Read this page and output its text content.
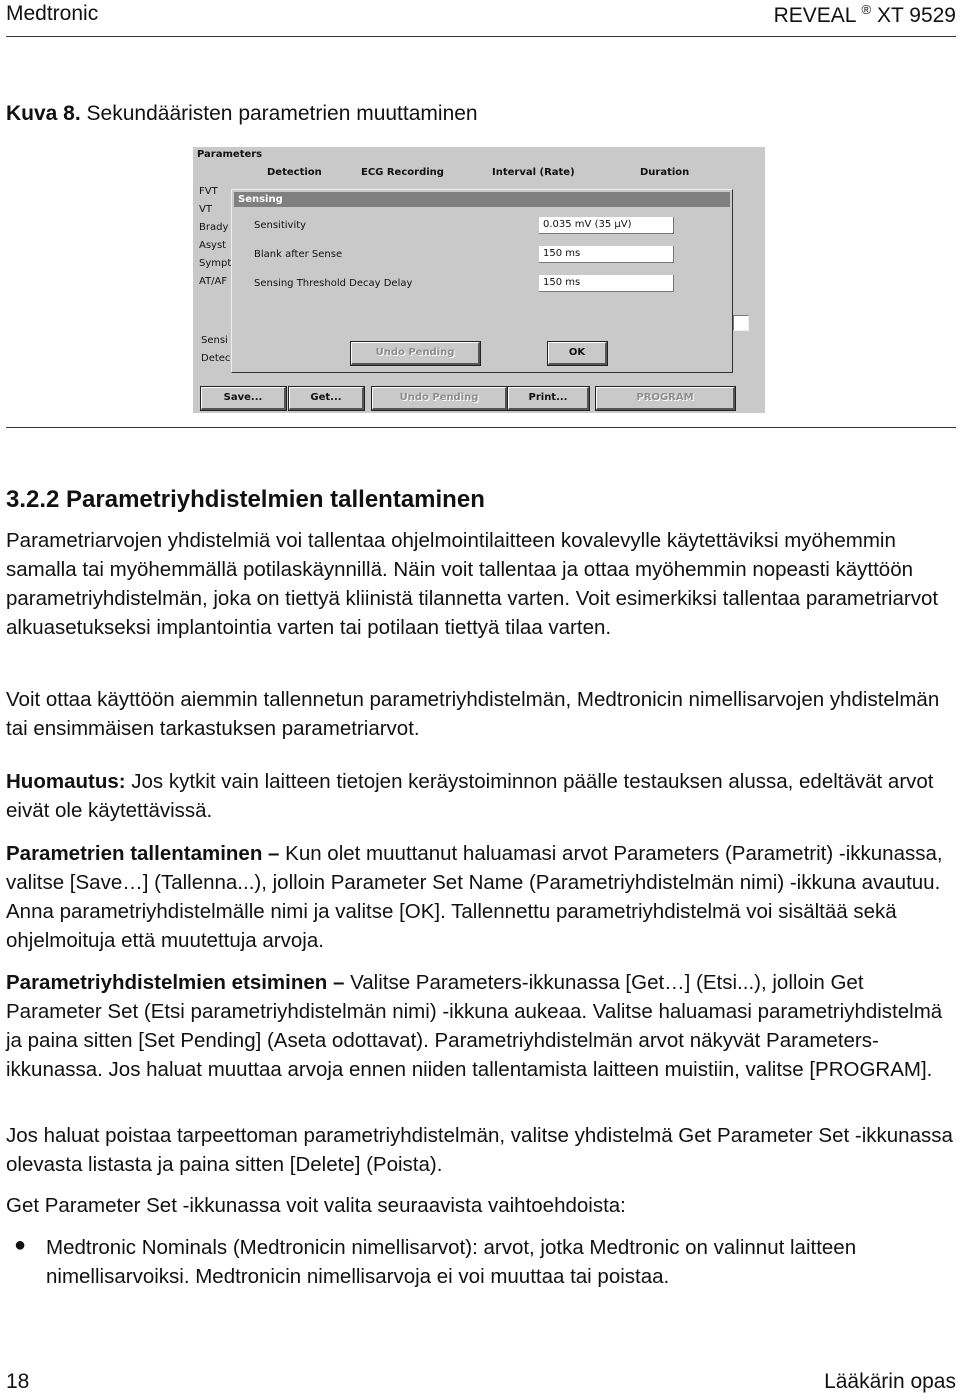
Medtronic	REVEAL ® XT 9529
Kuva 8. Sekundääristen parametrien muuttaminen
Parameters
Detection	ECG Recording	Interval (Rate)	Duration
FVT
VT
Brady
Asyst
Sympt
AT/AF
Sensi
Detec
Sensing
Sensitivity	0.035 mV (35 µV)
Blank after Sense	150 ms
Sensing Threshold Decay Delay	150 ms
Undo Pending	OK
Save...	Get...	Undo Pending	Print...	PROGRAM
3.2.2 Parametriyhdistelmien tallentaminen

Parametriarvojen yhdistelmiä voi tallentaa ohjelmointilaitteen kovalevylle käytettäviksi myöhemmin samalla tai myöhemmällä potilaskäynnillä. Näin voit tallentaa ja ottaa myöhemmin nopeasti käyttöön parametriyhdistelmän, joka on tiettyä kliinistä tilannetta varten. Voit esimerkiksi tallentaa parametriarvot alkuasetukseksi implantointia varten tai potilaan tiettyä tilaa varten.

Voit ottaa käyttöön aiemmin tallennetun parametriyhdistelmän, Medtronicin nimellisarvojen yhdistelmän tai ensimmäisen tarkastuksen parametriarvot.

Huomautus: Jos kytkit vain laitteen tietojen keräystoiminnon päälle testauksen alussa, edeltävät arvot eivät ole käytettävissä.

Parametrien tallentaminen – Kun olet muuttanut haluamasi arvot Parameters (Parametrit) -ikkunassa, valitse [Save…] (Tallenna...), jolloin Parameter Set Name (Parametriyhdistelmän nimi) -ikkuna avautuu. Anna parametriyhdistelmälle nimi ja valitse [OK]. Tallennettu parametriyhdistelmä voi sisältää sekä ohjelmoituja että muutettuja arvoja.

Parametriyhdistelmien etsiminen – Valitse Parameters-ikkunassa [Get…] (Etsi...), jolloin Get Parameter Set (Etsi parametriyhdistelmän nimi) -ikkuna aukeaa. Valitse haluamasi parametriyhdistelmä ja paina sitten [Set Pending] (Aseta odottavat). Parametriyhdistelmän arvot näkyvät Parameters-ikkunassa. Jos haluat muuttaa arvoja ennen niiden tallentamista laitteen muistiin, valitse [PROGRAM].

Jos haluat poistaa tarpeettoman parametriyhdistelmän, valitse yhdistelmä Get Parameter Set -ikkunassa olevasta listasta ja paina sitten [Delete] (Poista).

Get Parameter Set -ikkunassa voit valita seuraavista vaihtoehdoista:

● Medtronic Nominals (Medtronicin nimellisarvot): arvot, jotka Medtronic on valinnut laitteen nimellisarvoiksi. Medtronicin nimellisarvoja ei voi muuttaa tai poistaa.

18	Lääkärin opas
